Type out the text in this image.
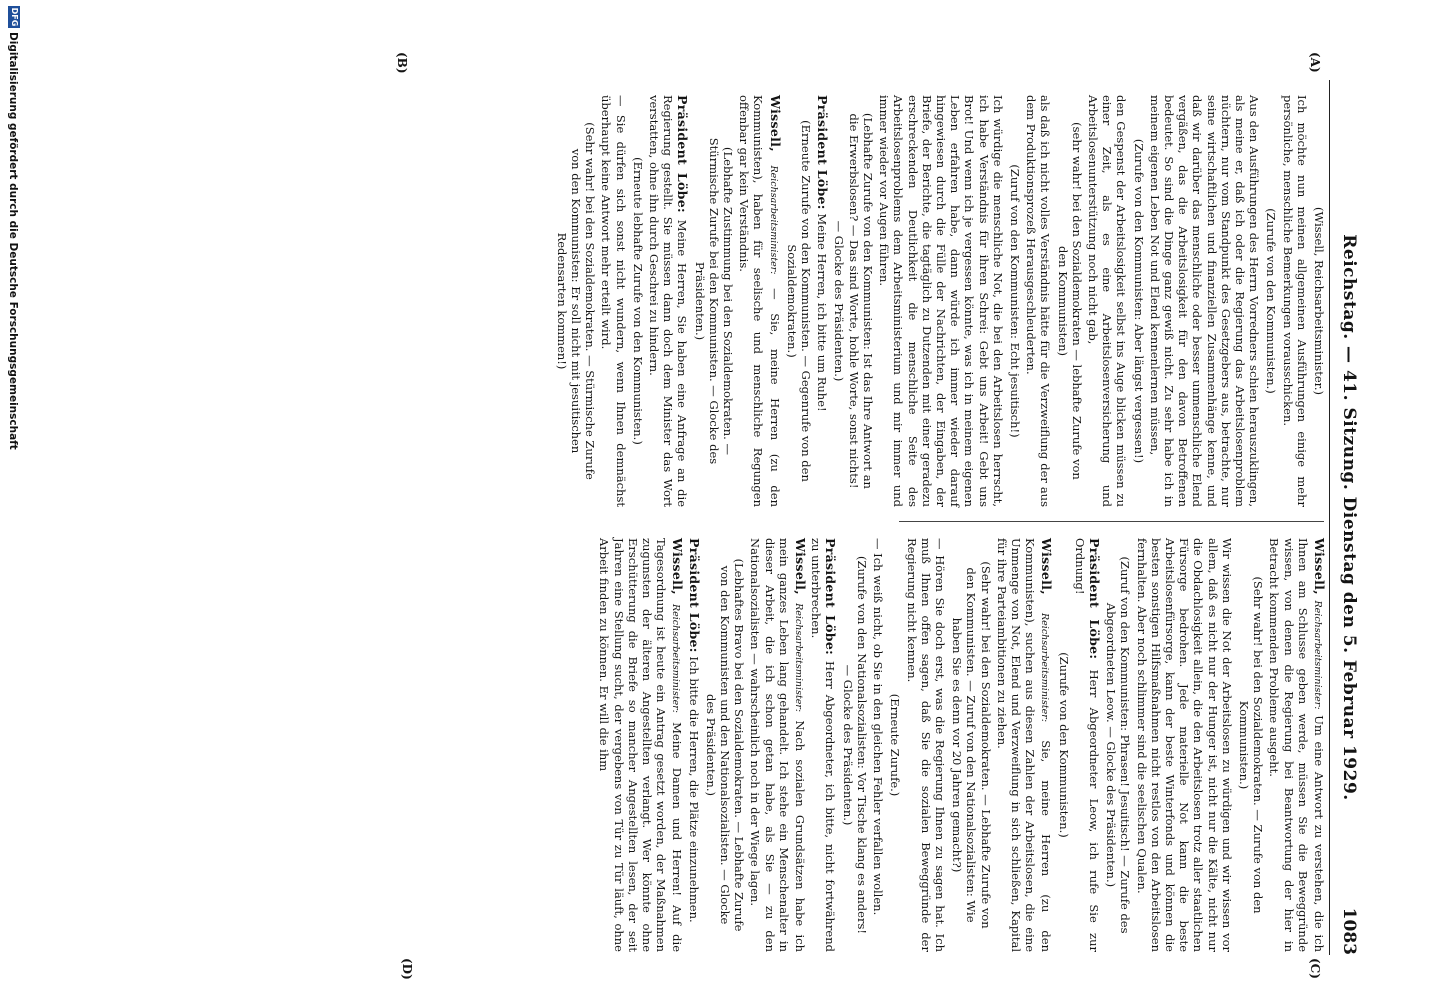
Reichstag. — 41. Sitzung. Dienstag den 5. Februar 1929.
1083
(A)
(B)
(C)
(D)

(Wissell, Reichsarbeitsminister.)

Ich möchte nun meinen allgemeinen Ausführungen einige mehr persönliche, menschliche Bemerkungen vorausschicken.

(Zurufe von den Kommunisten.)

Aus den Ausführungen des Herrn Vorredners schien herauszuklingen, als meine er, daß ich oder die Regierung das Arbeitslosenproblem nüchtern, nur vom Standpunkt des Gesetzgebers aus, betrachte, nur seine wirtschaftlichen und finanziellen Zusammenhänge kenne, und daß wir darüber das menschliche oder besser unmenschliche Elend vergäßen, das die Arbeitslosigkeit für den davon Betroffenen bedeutet. So sind die Dinge ganz gewiß nicht. Zu sehr habe ich in meinem eigenen Leben Not und Elend kennenlernen müssen,

(Zurufe von den Kommunisten: Aber längst vergessen!)

den Gespenst der Arbeitslosigkeit selbst ins Auge blicken müssen zu einer Zeit, als es eine Arbeitslosenversicherung und Arbeitslosenunterstützung noch nicht gab,

(sehr wahr! bei den Sozialdemokraten — lebhafte Zurufe von den Kommunisten)

als daß ich nicht volles Verständnis hätte für die Verzweiflung der aus dem Produktionsprozeß Herausgeschleuderten.

(Zuruf von den Kommunisten: Echt jesuitisch!)

Ich würdige die menschliche Not, die bei den Arbeitslosen herrscht, ich habe Verständnis für ihren Schrei: Gebt uns Arbeit! Gebt uns Brot! Und wenn ich je vergessen könnte, was ich in meinem eigenen Leben erfahren habe, dann würde ich immer wieder darauf hingewiesen durch die Fülle der Nachrichten, der Eingaben, der Briefe, der Berichte, die tagtäglich zu Dutzenden mit einer geradezu erschreckenden Deutlichkeit die menschliche Seite des Arbeitslosenproblems dem Arbeitsministerium und mir immer und immer wieder vor Augen führen.

(Lebhafte Zurufe von den Kommunisten: Ist das Ihre Antwort an die Erwerbslosen? — Das sind Worte, hohle Worte, sonst nichts! — Glocke des Präsidenten.)

Präsident Löbe: Meine Herren, ich bitte um Ruhe!

(Erneute Zurufe von den Kommunisten. — Gegenrufe von den Sozialdemokraten.)

Wissell, Reichsarbeitsminister: — Sie, meine Herren (zu den Kommunisten), haben für seelische und menschliche Regungen offenbar gar kein Verständnis.

(Lebhafte Zustimmung bei den Sozialdemokraten. — Stürmische Zurufe bei den Kommunisten. — Glocke des Präsidenten.)

Präsident Löbe: Meine Herren, Sie haben eine Anfrage an die Regierung gestellt. Sie müssen dann doch dem Minister das Wort verstatten, ohne ihn durch Geschrei zu hindern.

(Erneute lebhafte Zurufe von den Kommunisten.)

— Sie dürfen sich sonst nicht wundern, wenn Ihnen demnächst überhaupt keine Antwort mehr erteilt wird.

(Sehr wahr! bei den Sozialdemokraten. — Stürmische Zurufe von den Kommunisten: Er soll nicht mit jesuitischen Redensarten kommen!)

Wissell, Reichsarbeitsminister: Um eine Antwort zu verstehen, die ich Ihnen am Schlusse geben werde, müssen Sie die Beweggründe wissen, von denen die Regierung bei Beantwortung der hier in Betracht kommenden Probleme ausgeht.

(Sehr wahr! bei den Sozialdemokraten. — Zurufe von den Kommunisten.)

Wir wissen die Not der Arbeitslosen zu würdigen und wir wissen vor allem, daß es nicht nur der Hunger ist, nicht nur die Kälte, nicht nur die Obdachlosigkeit allein, die den Arbeitslosen trotz aller staatlichen Fürsorge bedrohen. Jede materielle Not kann die beste Arbeitslosenfürsorge, kann der beste Winterfonds und können die besten sonstigen Hilfsmaßnahmen nicht restlos von den Arbeitslosen fernhalten. Aber noch schlimmer sind die seelischen Qualen.

(Zuruf von den Kommunisten: Phrasen! Jesuitisch! — Zurufe des Abgeordneten Leow. — Glocke des Präsidenten.)

Präsident Löbe: Herr Abgeordneter Leow, ich rufe Sie zur Ordnung!

(Zurufe von den Kommunisten.)

Wissell, Reichsarbeitsminister: Sie, meine Herren (zu den Kommunisten), suchen aus diesen Zahlen der Arbeitslosen, die eine Unmenge von Not, Elend und Verzweiflung in sich schließen, Kapital für ihre Parteiambitionen zu ziehen.

(Sehr wahr! bei den Sozialdemokraten. — Lebhafte Zurufe von den Kommunisten. — Zuruf von den Nationalsozialisten: Wie haben Sie es denn vor 20 Jahren gemacht?)

— Hören Sie doch erst, was die Regierung Ihnen zu sagen hat. Ich muß Ihnen offen sagen, daß Sie die sozialen Beweggründe der Regierung nicht kennen.

(Erneute Zurufe.)

— Ich weiß nicht, ob Sie in den gleichen Fehler verfallen wollen.

(Zurufe von den Nationalsozialisten: Vor Tische klang es anders! — Glocke des Präsidenten.)

Präsident Löbe: Herr Abgeordneter, ich bitte, nicht fortwährend zu unterbrechen.

Wissell, Reichsarbeitsminister: Nach sozialen Grundsätzen habe ich mein ganzes Leben lang gehandelt. Ich stehe ein Menschenalter in dieser Arbeit, die ich schon getan habe, als Sie — zu den Nationalsozialisten — wahrscheinlich noch in der Wiege lagen.

(Lebhaftes Bravo bei den Sozialdemokraten. — Lebhafte Zurufe von den Kommunisten und den Nationalsozialisten. — Glocke des Präsidenten.)

Präsident Löbe: Ich bitte die Herren, die Plätze einzunehmen.

Wissell, Reichsarbeitsminister: Meine Damen und Herren! Auf die Tagesordnung ist heute ein Antrag gesetzt worden, der Maßnahmen zugunsten der älteren Angestellten verlangt. Wer könnte ohne Erschütterung die Briefe so mancher Angestellten lesen, der seit Jahren eine Stellung sucht, der vergebens von Tür zu Tür läuft, ohne Arbeit finden zu können. Er will die ihm

DFG
Digitalisierung gefördert durch die Deutsche Forschungsgemeinschaft
